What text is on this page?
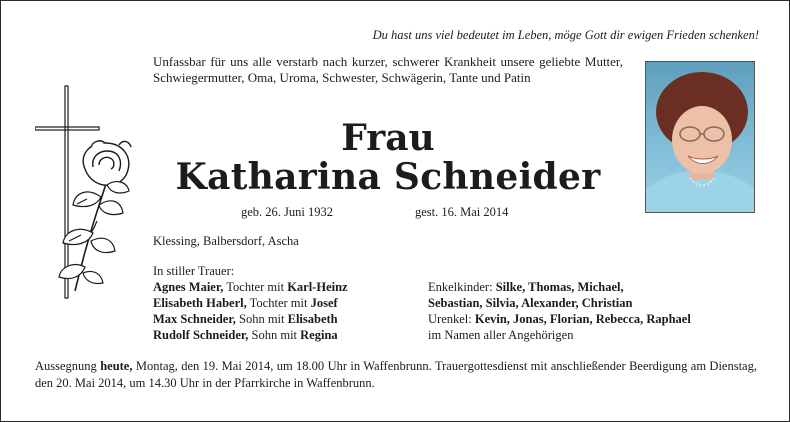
Du hast uns viel bedeutet im Leben, möge Gott dir ewigen Frieden schenken!
Unfassbar für uns alle verstarb nach kurzer, schwerer Krankheit unsere geliebte Mutter, Schwiegermutter, Oma, Uroma, Schwester, Schwägerin, Tante und Patin
Frau
Katharina Schneider
geb. 26. Juni 1932	gest. 16. Mai 2014
Klessing, Balbersdorf, Ascha
In stiller Trauer:
Agnes Maier, Tochter mit Karl-Heinz
Elisabeth Haberl, Tochter mit Josef
Max Schneider, Sohn mit Elisabeth
Rudolf Schneider, Sohn mit Regina
Enkelkinder: Silke, Thomas, Michael,
Sebastian, Silvia, Alexander, Christian
Urenkel: Kevin, Jonas, Florian, Rebecca, Raphael
im Namen aller Angehörigen
Aussegnung heute, Montag, den 19. Mai 2014, um 18.00 Uhr in Waffenbrunn. Trauergottesdienst mit anschließender Beerdigung am Dienstag, den 20. Mai 2014, um 14.30 Uhr in der Pfarrkirche in Waffenbrunn.
